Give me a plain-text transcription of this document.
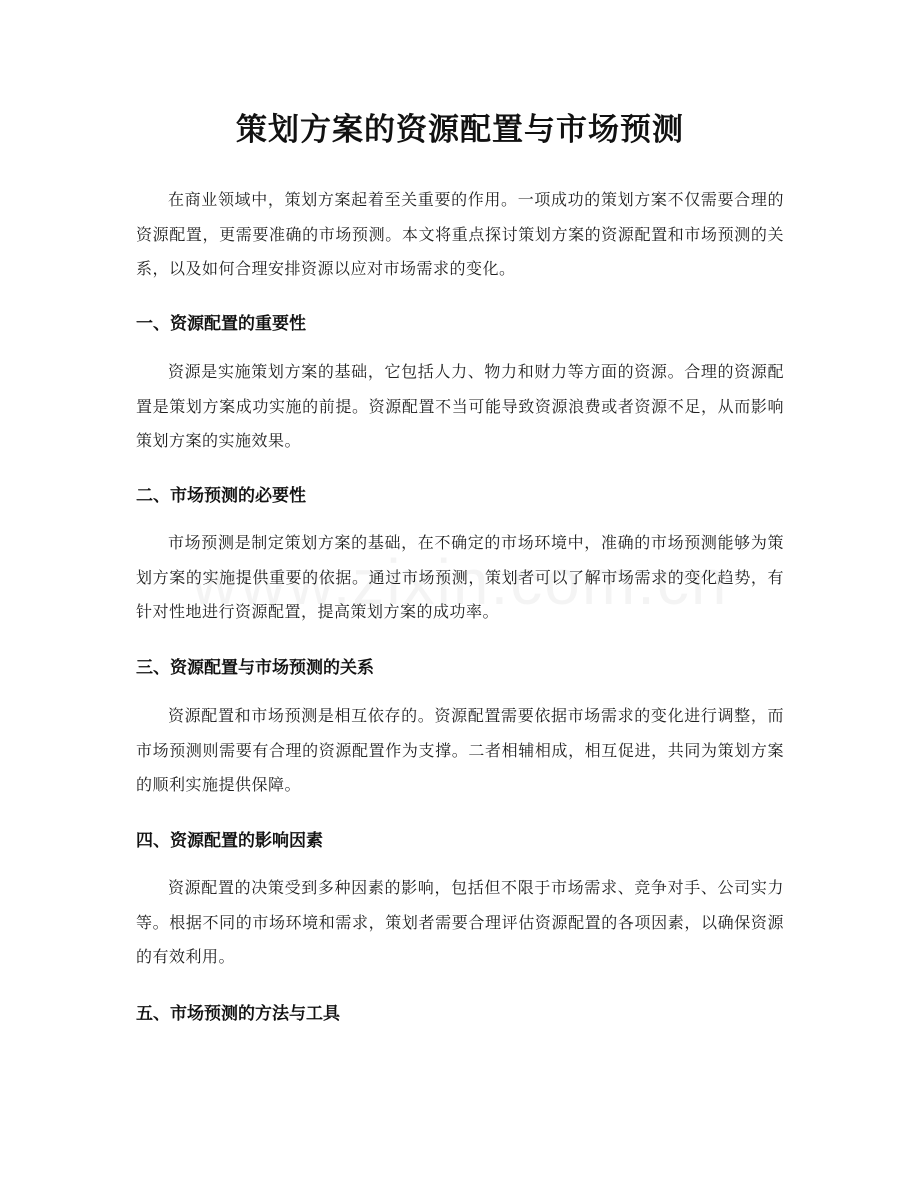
策划方案的资源配置与市场预测
在商业领域中，策划方案起着至关重要的作用。一项成功的策划方案不仅需要合理的资源配置，更需要准确的市场预测。本文将重点探讨策划方案的资源配置和市场预测的关系，以及如何合理安排资源以应对市场需求的变化。
一、资源配置的重要性
资源是实施策划方案的基础，它包括人力、物力和财力等方面的资源。合理的资源配置是策划方案成功实施的前提。资源配置不当可能导致资源浪费或者资源不足，从而影响策划方案的实施效果。
二、市场预测的必要性
市场预测是制定策划方案的基础，在不确定的市场环境中，准确的市场预测能够为策划方案的实施提供重要的依据。通过市场预测，策划者可以了解市场需求的变化趋势，有针对性地进行资源配置，提高策划方案的成功率。
三、资源配置与市场预测的关系
资源配置和市场预测是相互依存的。资源配置需要依据市场需求的变化进行调整，而市场预测则需要有合理的资源配置作为支撑。二者相辅相成，相互促进，共同为策划方案的顺利实施提供保障。
四、资源配置的影响因素
资源配置的决策受到多种因素的影响，包括但不限于市场需求、竞争对手、公司实力等。根据不同的市场环境和需求，策划者需要合理评估资源配置的各项因素，以确保资源的有效利用。
五、市场预测的方法与工具
